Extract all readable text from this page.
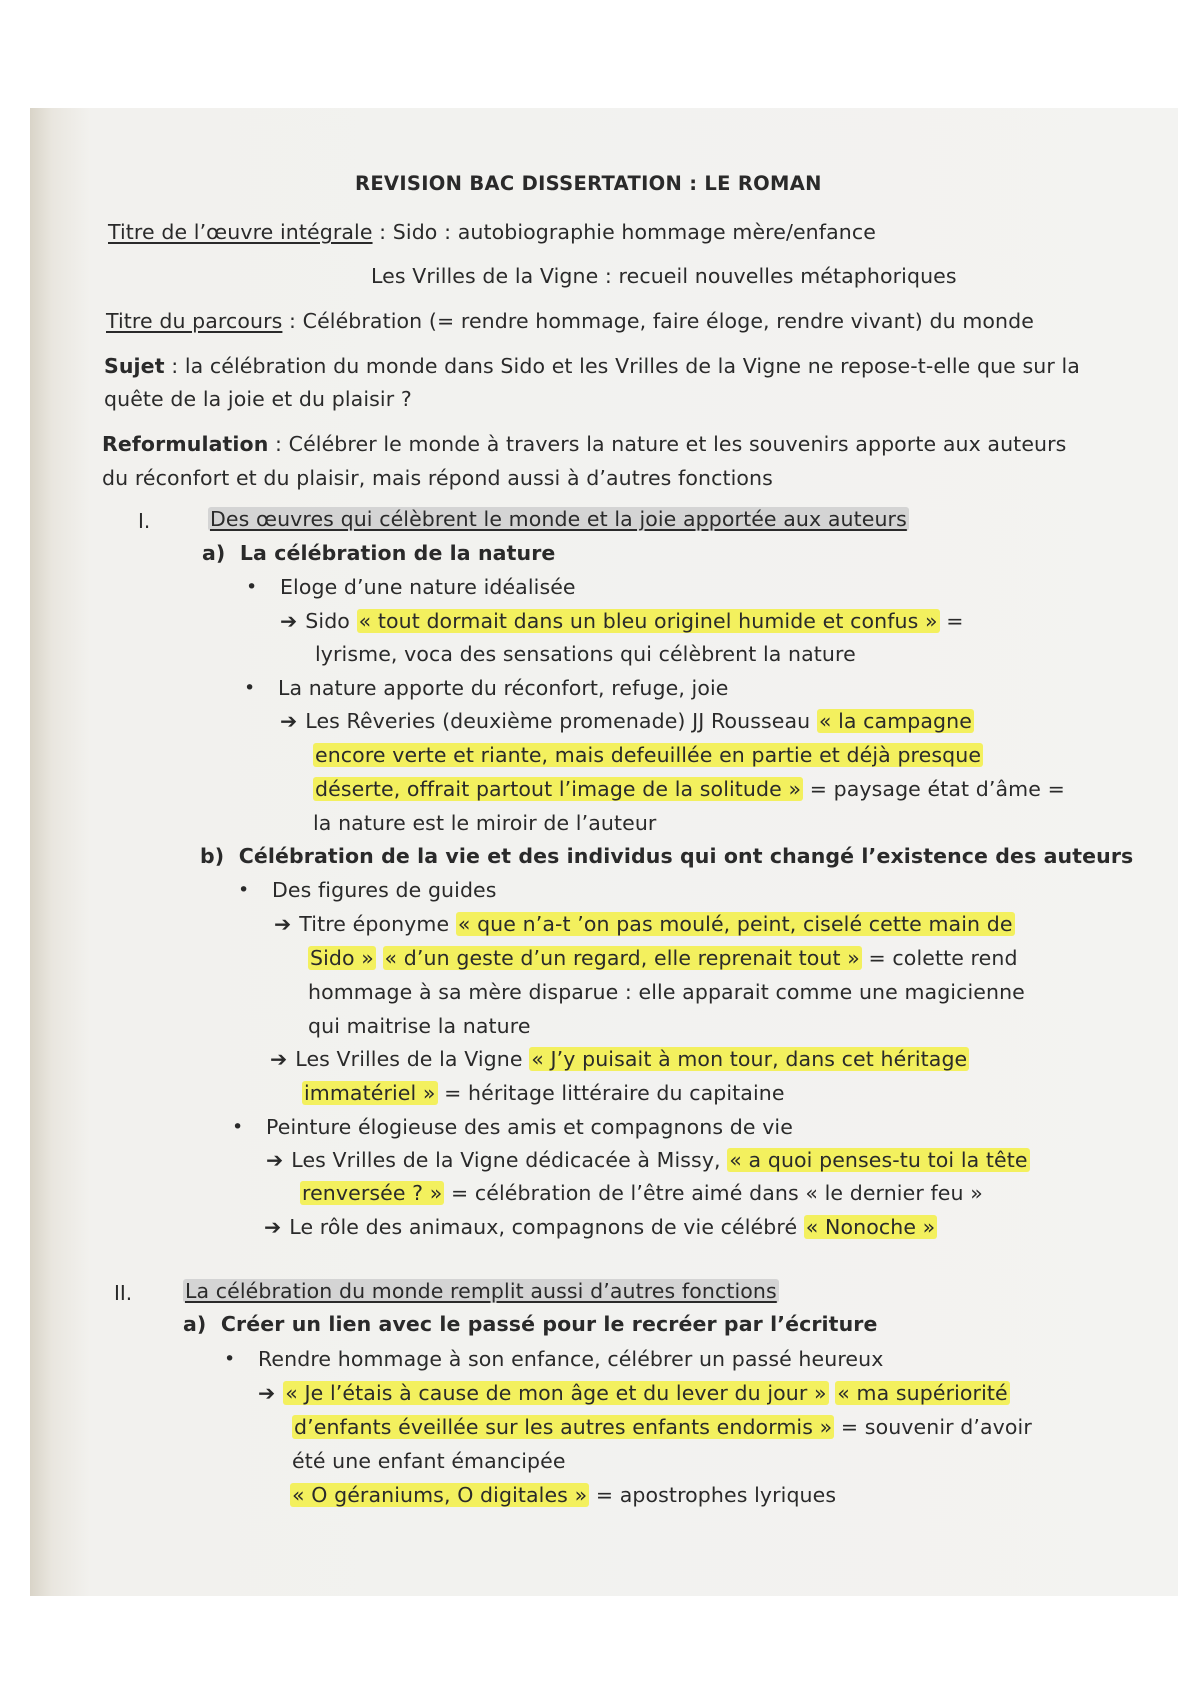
REVISION BAC DISSERTATION : LE ROMAN
Titre de l’œuvre intégrale : Sido : autobiographie hommage mère/enfance
Les Vrilles de la Vigne : recueil nouvelles métaphoriques
Titre du parcours : Célébration (= rendre hommage, faire éloge, rendre vivant) du monde
Sujet : la célébration du monde dans Sido et les Vrilles de la Vigne ne repose-t-elle que sur la
quête de la joie et du plaisir ?
Reformulation : Célébrer le monde à travers la nature et les souvenirs apporte aux auteurs
du réconfort et du plaisir, mais répond aussi à d’autres fonctions
I.	Des œuvres qui célèbrent le monde et la joie apportée aux auteurs
a) La célébration de la nature
• Eloge d’une nature idéalisée
➔ Sido « tout dormait dans un bleu originel humide et confus » =
lyrisme, voca des sensations qui célèbrent la nature
• La nature apporte du réconfort, refuge, joie
➔ Les Rêveries (deuxième promenade) JJ Rousseau « la campagne
encore verte et riante, mais defeuillée en partie et déjà presque
déserte, offrait partout l’image de la solitude » = paysage état d’âme =
la nature est le miroir de l’auteur
b) Célébration de la vie et des individus qui ont changé l’existence des auteurs
• Des figures de guides
➔ Titre éponyme « que n’a-t ’on pas moulé, peint, ciselé cette main de
Sido » « d’un geste d’un regard, elle reprenait tout » = colette rend
hommage à sa mère disparue : elle apparait comme une magicienne
qui maitrise la nature
➔ Les Vrilles de la Vigne « J’y puisait à mon tour, dans cet héritage
immatériel » = héritage littéraire du capitaine
• Peinture élogieuse des amis et compagnons de vie
➔ Les Vrilles de la Vigne dédicacée à Missy, « a quoi penses-tu toi la tête
renversée ? » = célébration de l’être aimé dans « le dernier feu »
➔ Le rôle des animaux, compagnons de vie célébré « Nonoche »
II.	La célébration du monde remplit aussi d’autres fonctions
a) Créer un lien avec le passé pour le recréer par l’écriture
• Rendre hommage à son enfance, célébrer un passé heureux
➔ « Je l’étais à cause de mon âge et du lever du jour » « ma supériorité
d’enfants éveillée sur les autres enfants endormis » = souvenir d’avoir
été une enfant émancipée
« O géraniums, O digitales » = apostrophes lyriques
